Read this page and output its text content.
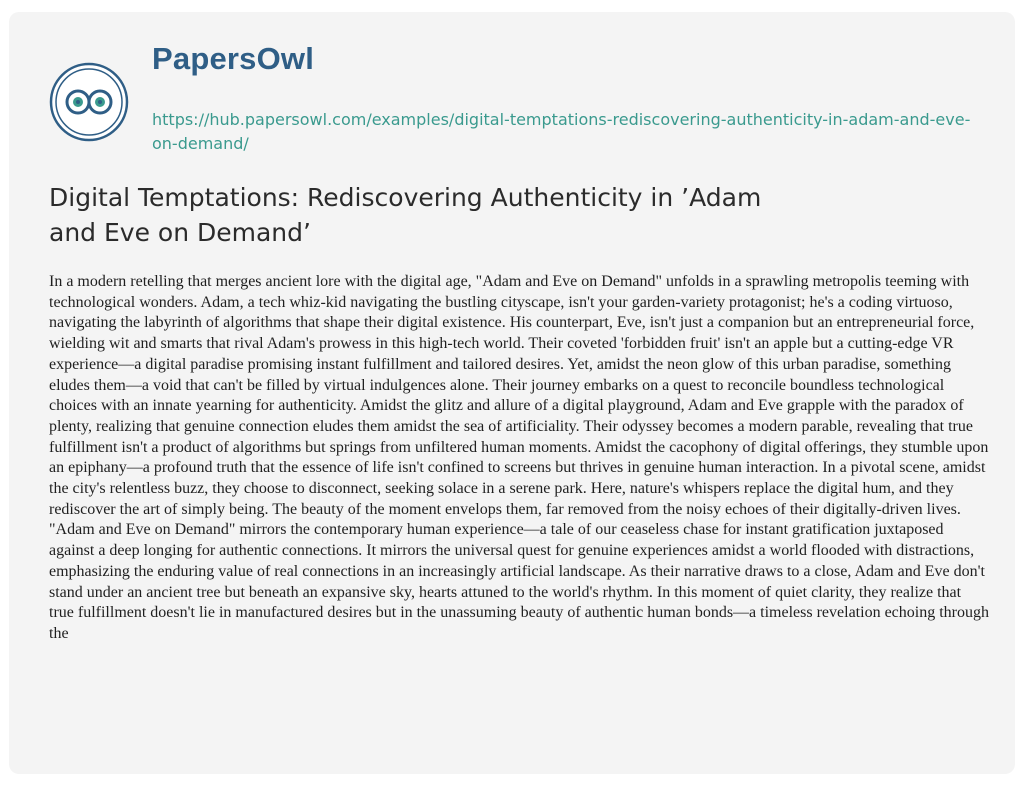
PapersOwl
https://hub.papersowl.com/examples/digital-temptations-rediscovering-authenticity-in-adam-and-eve-on-demand/
Digital Temptations: Rediscovering Authenticity in ’Adam and Eve on Demand’

In a modern retelling that merges ancient lore with the digital age, "Adam and Eve on Demand" unfolds in a sprawling metropolis teeming with technological wonders. Adam, a tech whiz-kid navigating the bustling cityscape, isn't your garden-variety protagonist; he's a coding virtuoso, navigating the labyrinth of algorithms that shape their digital existence. His counterpart, Eve, isn't just a companion but an entrepreneurial force, wielding wit and smarts that rival Adam's prowess in this high-tech world. Their coveted 'forbidden fruit' isn't an apple but a cutting-edge VR experience—a digital paradise promising instant fulfillment and tailored desires. Yet, amidst the neon glow of this urban paradise, something eludes them—a void that can't be filled by virtual indulgences alone. Their journey embarks on a quest to reconcile boundless technological choices with an innate yearning for authenticity. Amidst the glitz and allure of a digital playground, Adam and Eve grapple with the paradox of plenty, realizing that genuine connection eludes them amidst the sea of artificiality. Their odyssey becomes a modern parable, revealing that true fulfillment isn't a product of algorithms but springs from unfiltered human moments. Amidst the cacophony of digital offerings, they stumble upon an epiphany—a profound truth that the essence of life isn't confined to screens but thrives in genuine human interaction. In a pivotal scene, amidst the city's relentless buzz, they choose to disconnect, seeking solace in a serene park. Here, nature's whispers replace the digital hum, and they rediscover the art of simply being. The beauty of the moment envelops them, far removed from the noisy echoes of their digitally-driven lives. "Adam and Eve on Demand" mirrors the contemporary human experience—a tale of our ceaseless chase for instant gratification juxtaposed against a deep longing for authentic connections. It mirrors the universal quest for genuine experiences amidst a world flooded with distractions, emphasizing the enduring value of real connections in an increasingly artificial landscape. As their narrative draws to a close, Adam and Eve don't stand under an ancient tree but beneath an expansive sky, hearts attuned to the world's rhythm. In this moment of quiet clarity, they realize that true fulfillment doesn't lie in manufactured desires but in the unassuming beauty of authentic human bonds—a timeless revelation echoing through the
